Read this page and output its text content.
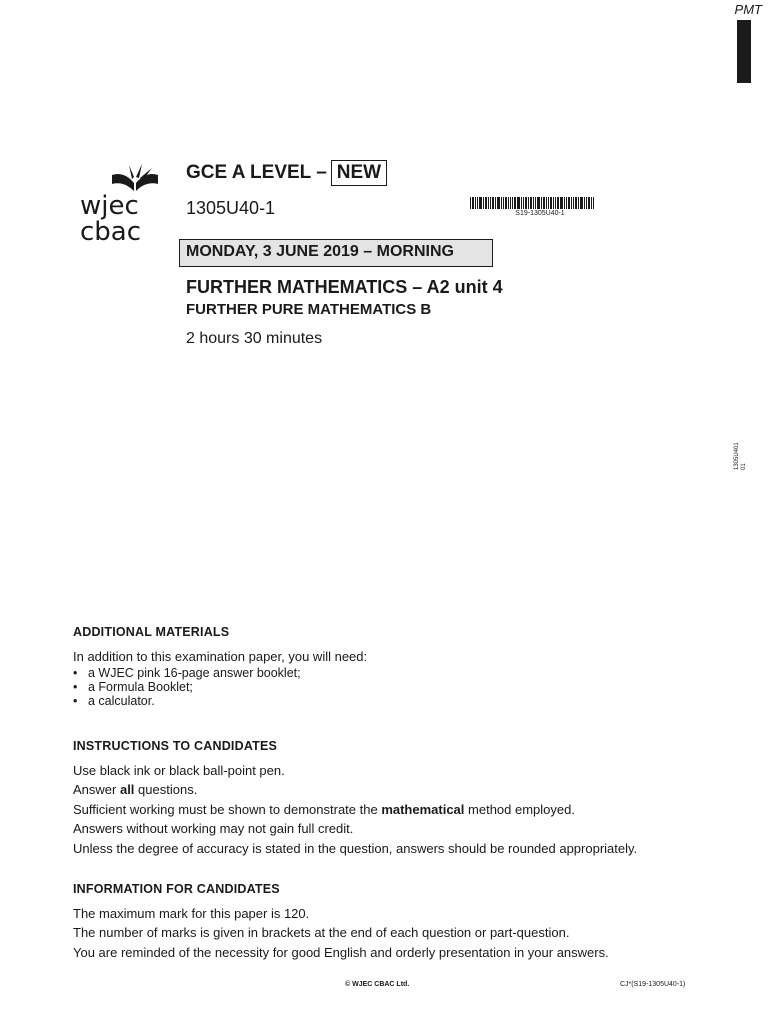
PMT
wjec
cbac
GCE A LEVEL – NEW
1305U40-1	S19-1305U40-1
MONDAY, 3 JUNE 2019 – MORNING
FURTHER MATHEMATICS – A2 unit 4
FURTHER PURE MATHEMATICS B
2 hours 30 minutes
1305U401 01
ADDITIONAL MATERIALS

In addition to this examination paper, you will need:

• a WJEC pink 16-page answer booklet;
• a Formula Booklet;
• a calculator.
INSTRUCTIONS TO CANDIDATES

Use black ink or black ball-point pen.

Answer all questions.

Sufficient working must be shown to demonstrate the mathematical method employed.

Answers without working may not gain full credit.

Unless the degree of accuracy is stated in the question, answers should be rounded appropriately.

INFORMATION FOR CANDIDATES

The maximum mark for this paper is 120.

The number of marks is given in brackets at the end of each question or part-question.

You are reminded of the necessity for good English and orderly presentation in your answers.

© WJEC CBAC Ltd.	CJ*(S19-1305U40-1)
